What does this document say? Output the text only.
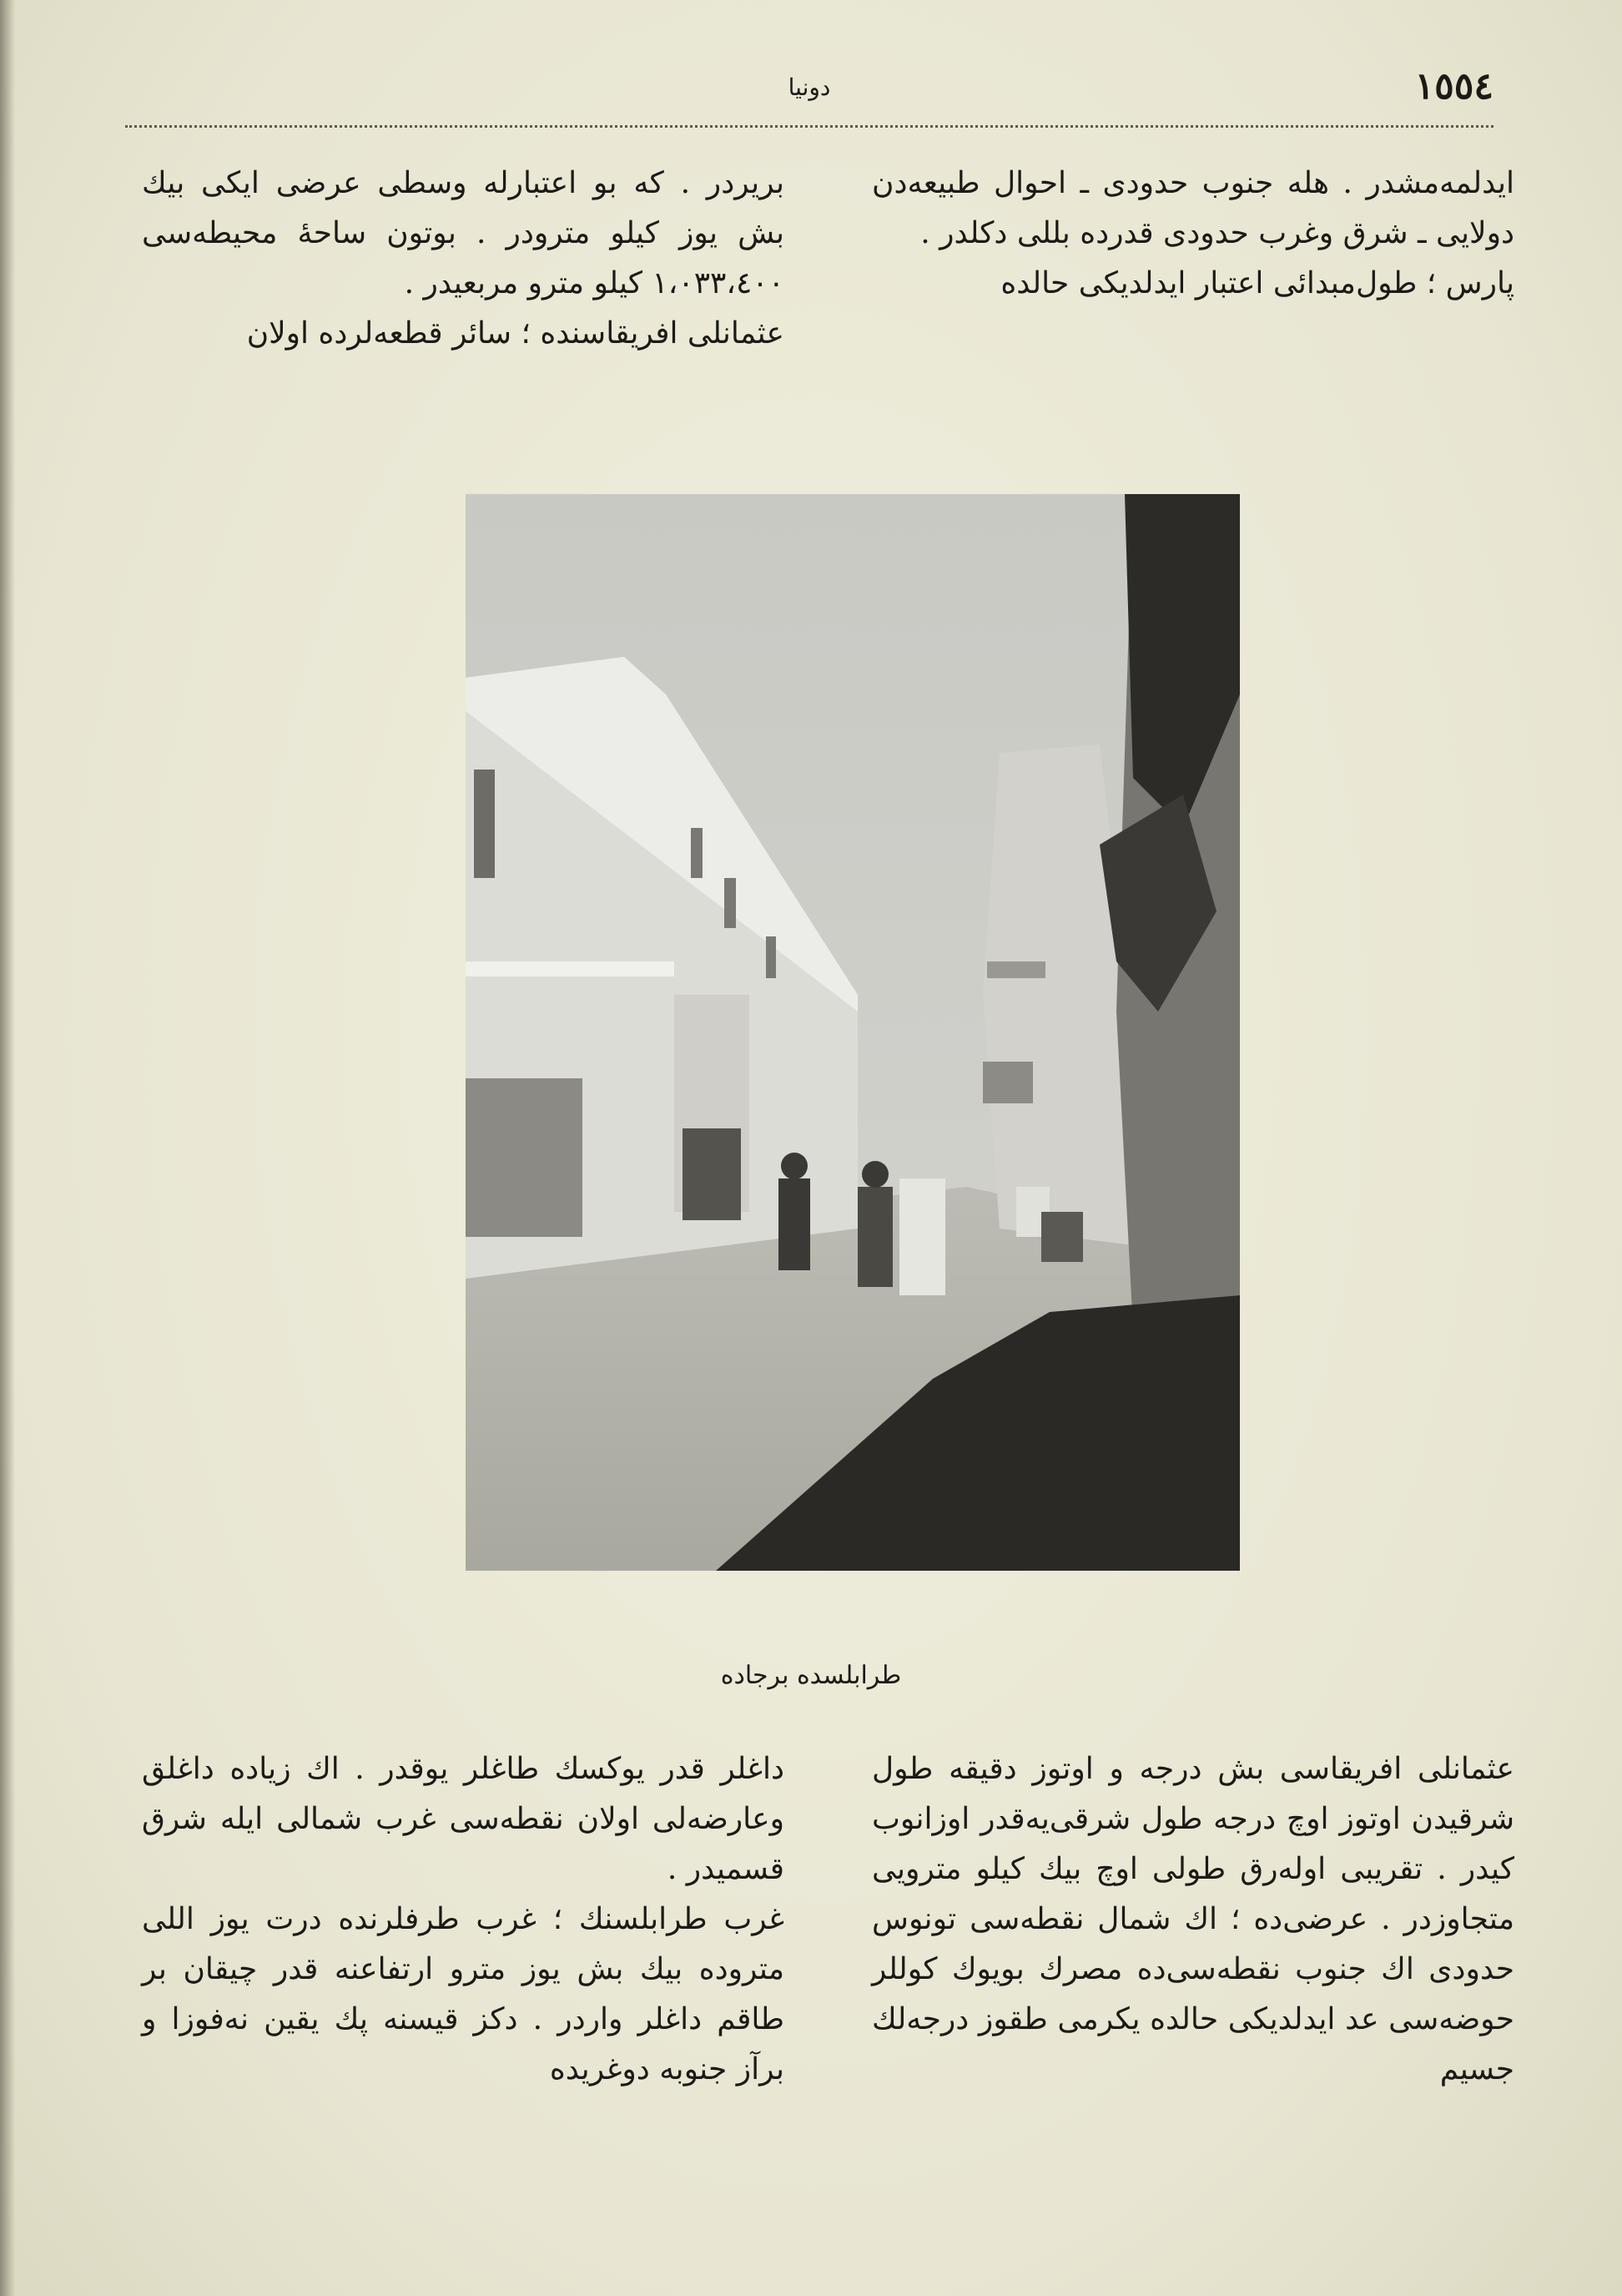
دونیا	١٥٥٤

ایدلمه‌مشدر . هله جنوب حدودی ـ احوال طبیعه‌دن دولایی ـ شرق وغرب حدودی قدرده بللی دکلدر .

پارس ؛ طول‌مبدائی اعتبار ایدلدیکی حالده

بریردر . که بو اعتبارله وسطی عرضی ایکی بیك بش یوز کیلو مترودر . بوتون ساحهٔ محیطه‌سی ١،٠٣٣،٤٠٠ کیلو مترو مربعیدر .

عثمانلی افریقاسنده ؛ سائر قطعه‌لرده اولان

طرابلسده برجاده

عثمانلی افریقاسی بش درجه و اوتوز دقیقه طول شرقیدن اوتوز اوچ درجه طول شرقی‌یه‌قدر اوزانوب کیدر . تقریبی اوله‌رق طولی اوچ بیك کیلو مترویی متجاوزدر . عرضی‌ده ؛ اك شمال نقطه‌سی تونوس حدودی اك جنوب نقطه‌سی‌ده مصرك بویوك کوللر حوضه‌سی عد ایدلدیکی حالده یکرمی طقوز درجه‌لك جسیم

داغلر قدر یوکسك طاغلر یوقدر . اك زیاده داغلق وعارضه‌لی اولان نقطه‌سی غرب شمالی ایله شرق قسمیدر .

غرب طرابلسنك ؛ غرب طرفلرنده درت یوز اللی متروده بیك بش یوز مترو ارتفاعنه قدر چیقان بر طاقم داغلر واردر . دکز قیسنه پك یقین نه‌فوزا و برآز جنوبه دوغریده
